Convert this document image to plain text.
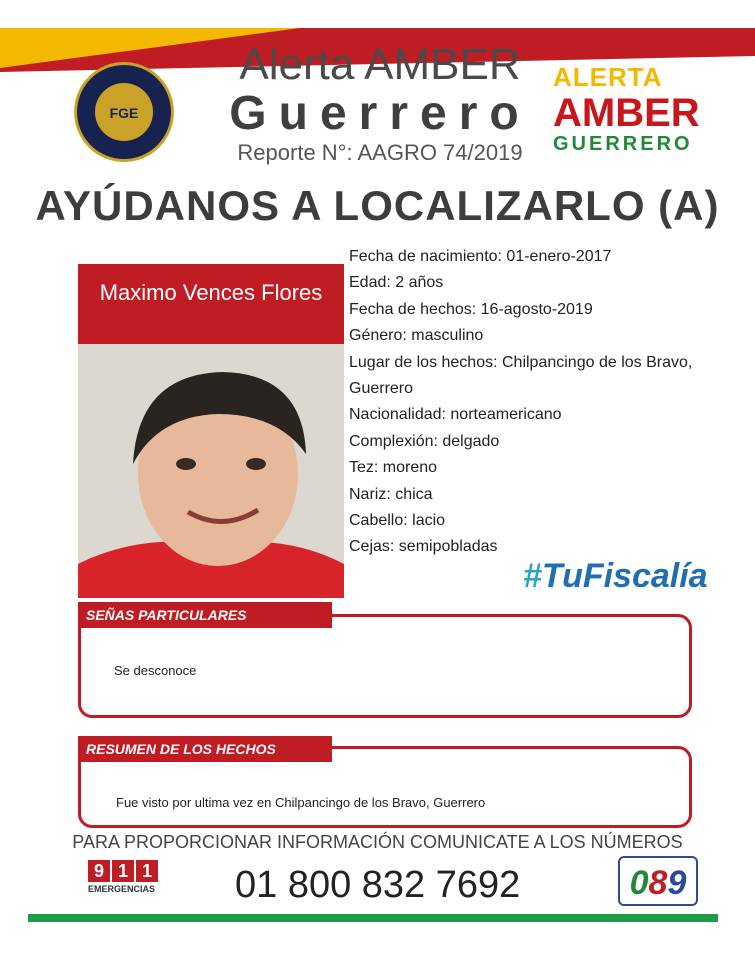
FGE
Alerta AMBER
Guerrero
Reporte N°: AAGRO 74/2019
ALERTA
AMBER
GUERRERO
AYÚDANOS A LOCALIZARLO (A)
Maximo Vences Flores
Fecha de nacimiento: 01-enero-2017
Edad: 2 años
Fecha de hechos: 16-agosto-2019
Género: masculino
Lugar de los hechos: Chilpancingo de los Bravo, Guerrero
Nacionalidad: norteamericano
Complexión: delgado
Tez: moreno
Nariz: chica
Cabello: lacio
Cejas: semipobladas
#TuFiscalía
SEÑAS PARTICULARES
Se desconoce
RESUMEN DE LOS HECHOS
Fue visto por ultima vez en Chilpancingo de los Bravo, Guerrero
PARA PROPORCIONAR INFORMACIÓN COMUNICATE A LOS NÚMEROS
9 1 1
EMERGENCIAS 01 800 832 7692	089
